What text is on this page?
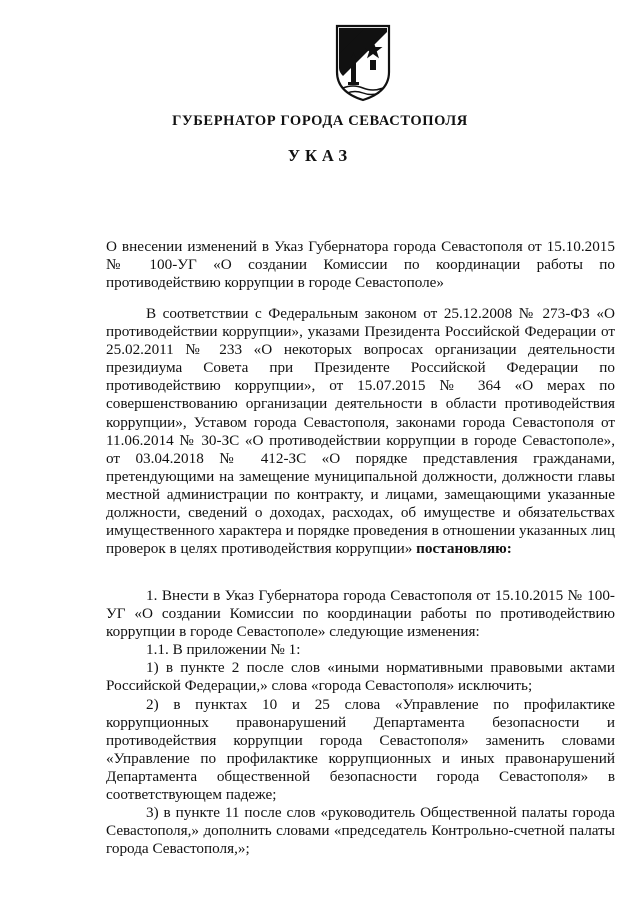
ГУБЕРНАТОР ГОРОДА СЕВАСТОПОЛЯ
УКАЗ

О внесении изменений в Указ Губернатора города Севастополя от 15.10.2015 № 100-УГ «О создании Комиссии по координации работы по противодействию коррупции в городе Севастополе»

В соответствии с Федеральным законом от 25.12.2008 № 273-ФЗ «О противодействии коррупции», указами Президента Российской Федерации от 25.02.2011 № 233 «О некоторых вопросах организации деятельности президиума Совета при Президенте Российской Федерации по противодействию коррупции», от 15.07.2015 № 364 «О мерах по совершенствованию организации деятельности в области противодействия коррупции», Уставом города Севастополя, законами города Севастополя от 11.06.2014 № 30-ЗС «О противодействии коррупции в городе Севастополе», от 03.04.2018 № 412-ЗС «О порядке представления гражданами, претендующими на замещение муниципальной должности, должности главы местной администрации по контракту, и лицами, замещающими указанные должности, сведений о доходах, расходах, об имуществе и обязательствах имущественного характера и порядке проведения в отношении указанных лиц проверок в целях противодействия коррупции» постановляю:

1. Внести в Указ Губернатора города Севастополя от 15.10.2015 № 100-УГ «О создании Комиссии по координации работы по противодействию коррупции в городе Севастополе» следующие изменения:

1.1. В приложении № 1:

1) в пункте 2 после слов «иными нормативными правовыми актами Российской Федерации,» слова «города Севастополя» исключить;

2) в пунктах 10 и 25 слова «Управление по профилактике коррупционных правонарушений Департамента безопасности и противодействия коррупции города Севастополя» заменить словами «Управление по профилактике коррупционных и иных правонарушений Департамента общественной безопасности города Севастополя» в соответствующем падеже;

3) в пункте 11 после слов «руководитель Общественной палаты города Севастополя,» дополнить словами «председатель Контрольно-счетной палаты города Севастополя,»;
